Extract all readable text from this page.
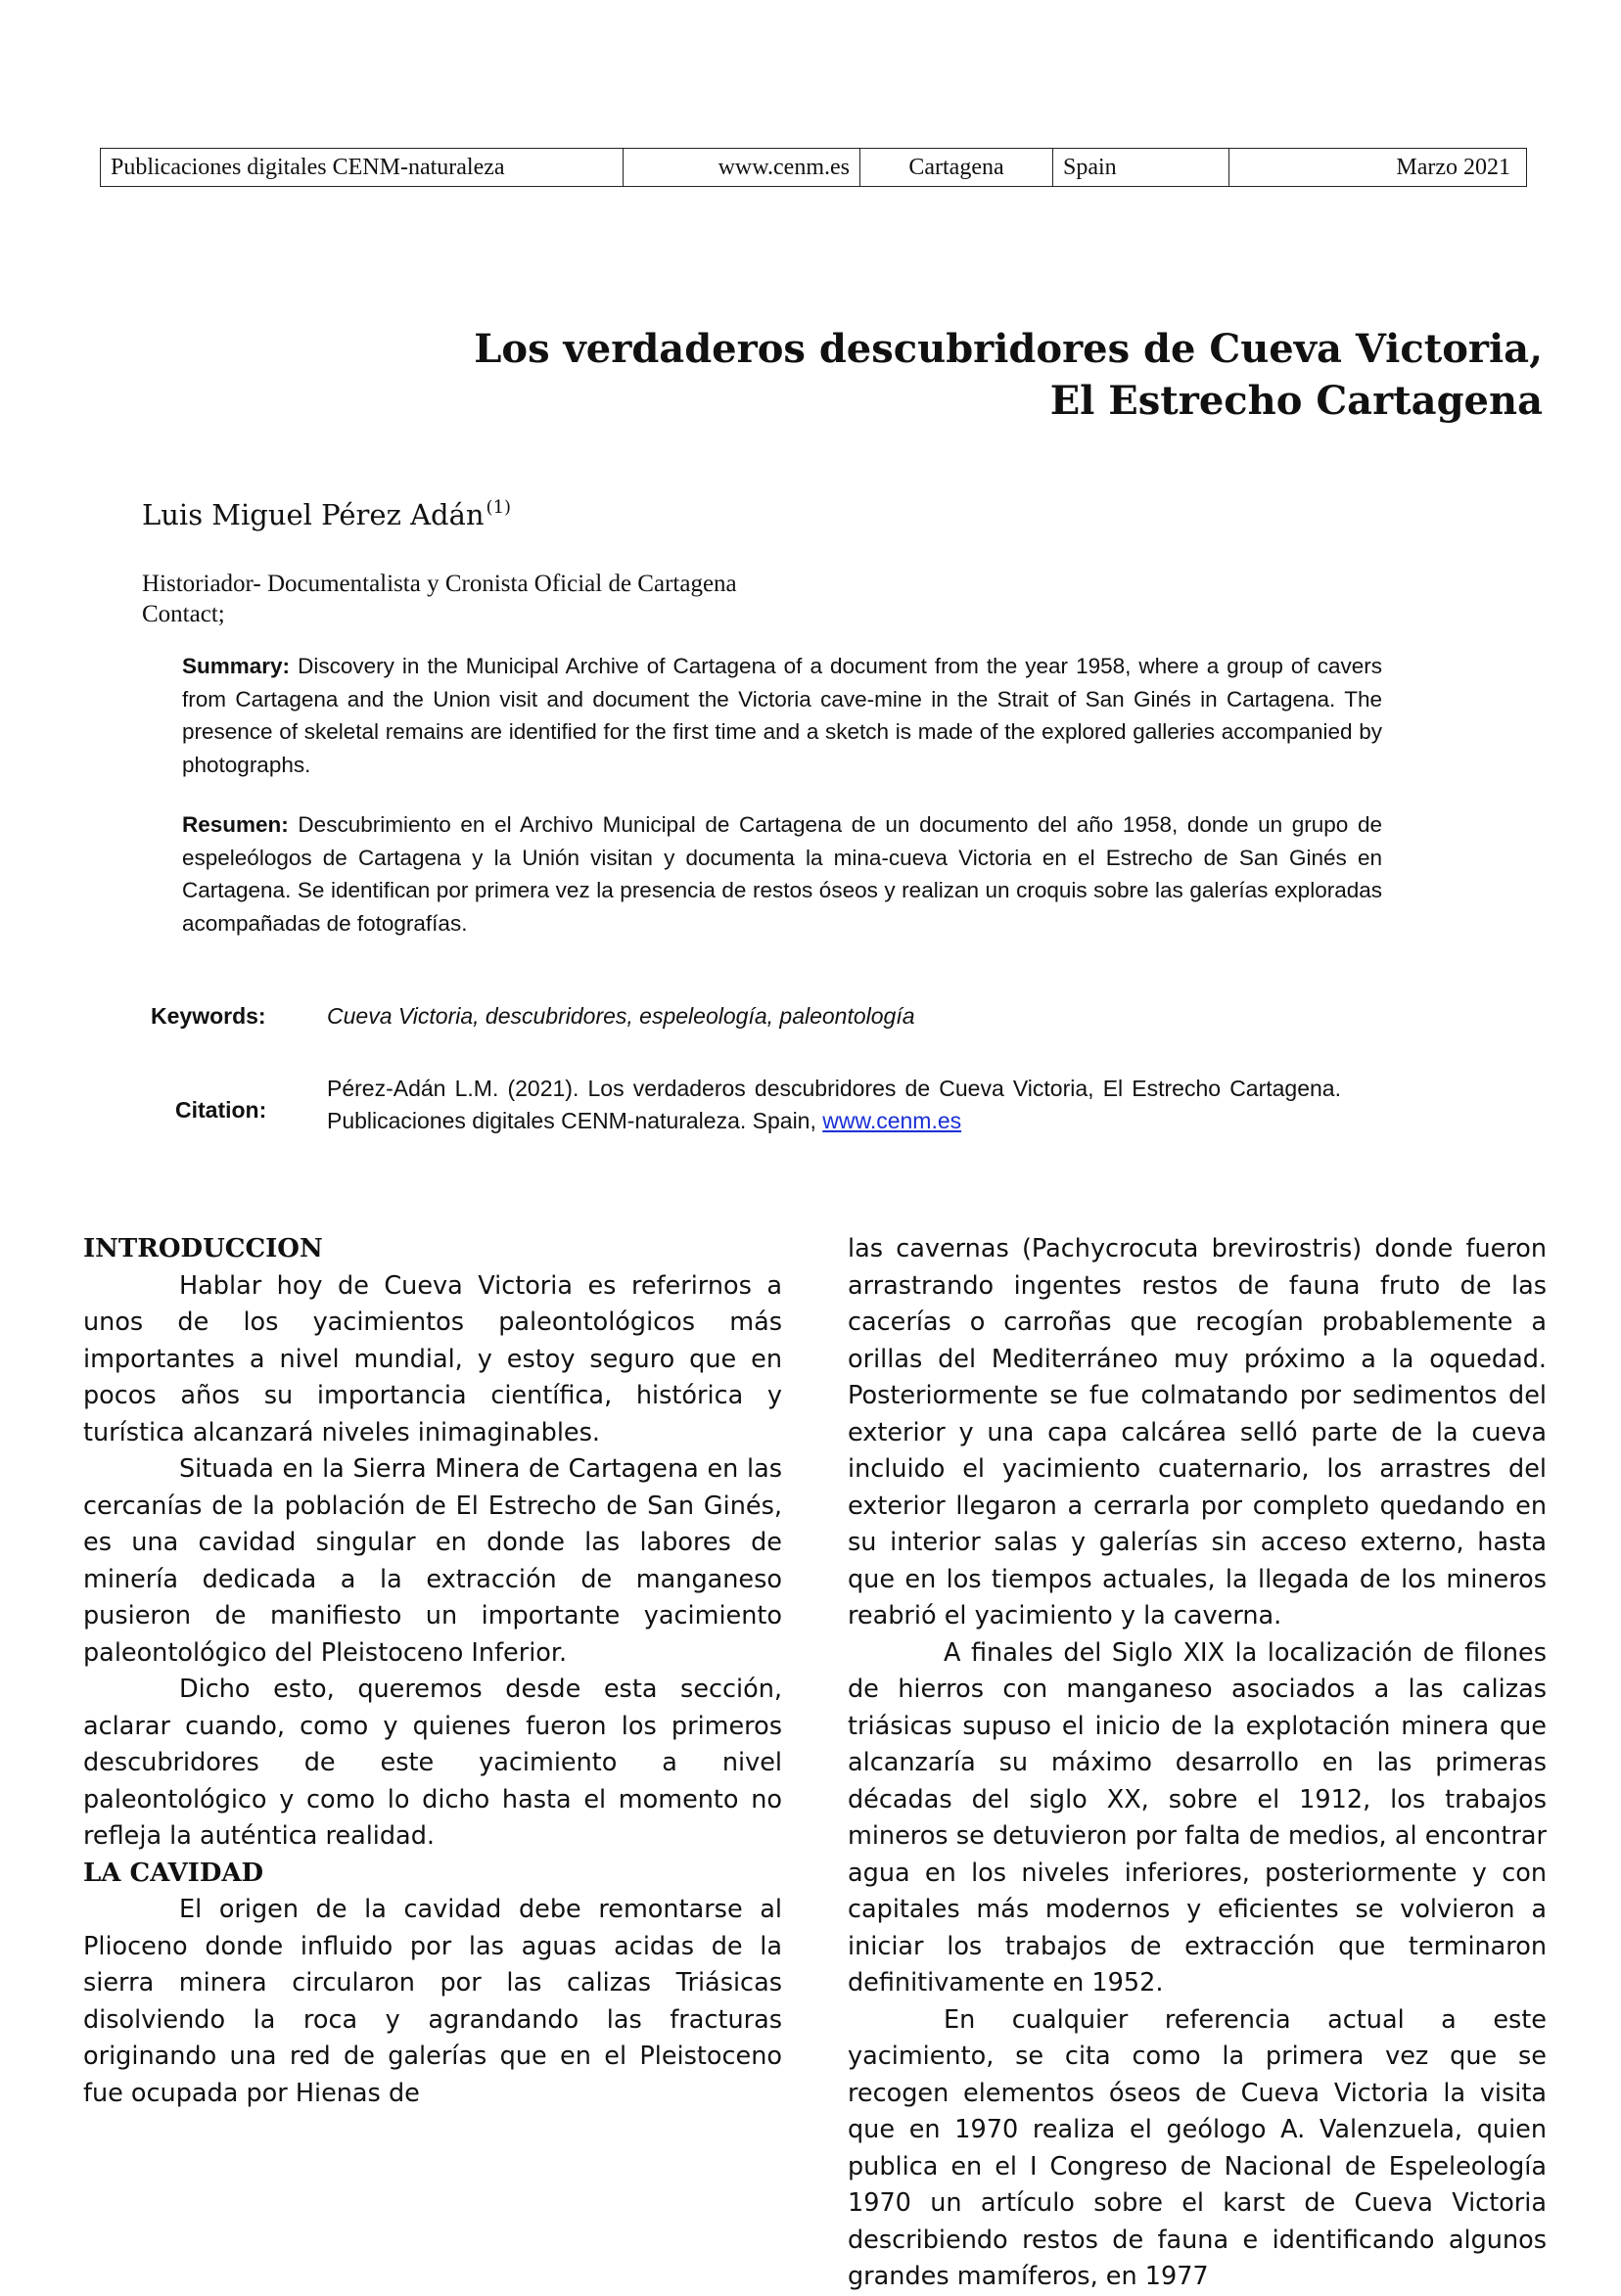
Publicaciones digitales CENM-naturaleza	www.cenm.es	Cartagena	Spain	Marzo 2021
Los verdaderos descubridores de Cueva Victoria,
El Estrecho Cartagena
Luis Miguel Pérez Adán $^{(1)}$
Historiador- Documentalista y Cronista Oficial de Cartagena
Contact;
Summary: Discovery in the Municipal Archive of Cartagena of a document from the year 1958, where a group of cavers from Cartagena and the Union visit and document the Victoria cave-mine in the Strait of San Ginés in Cartagena. The presence of skeletal remains are identified for the first time and a sketch is made of the explored galleries accompanied by photographs.
Resumen: Descubrimiento en el Archivo Municipal de Cartagena de un documento del año 1958, donde un grupo de espeleólogos de Cartagena y la Unión visitan y documenta la mina-cueva Victoria en el Estrecho de San Ginés en Cartagena. Se identifican por primera vez la presencia de restos óseos y realizan un croquis sobre las galerías exploradas acompañadas de fotografías.
Keywords:	Cueva Victoria, descubridores, espeleología, paleontología
Citation:
Pérez-Adán L.M. (2021). Los verdaderos descubridores de Cueva Victoria, El Estrecho Cartagena. Publicaciones digitales CENM-naturaleza. Spain, www.cenm.es

INTRODUCCION

Hablar hoy de Cueva Victoria es referirnos a unos de los yacimientos paleontológicos más importantes a nivel mundial, y estoy seguro que en pocos años su importancia científica, histórica y turística alcanzará niveles inimaginables.

Situada en la Sierra Minera de Cartagena en las cercanías de la población de El Estrecho de San Ginés, es una cavidad singular en donde las labores de minería dedicada a la extracción de manganeso pusieron de manifiesto un importante yacimiento paleontológico del Pleistoceno Inferior.

Dicho esto, queremos desde esta sección, aclarar cuando, como y quienes fueron los primeros descubridores de este yacimiento a nivel paleontológico y como lo dicho hasta el momento no refleja la auténtica realidad.

LA CAVIDAD

El origen de la cavidad debe remontarse al Plioceno donde influido por las aguas acidas de la sierra minera circularon por las calizas Triásicas disolviendo la roca y agrandando las fracturas originando una red de galerías que en el Pleistoceno fue ocupada por Hienas de

las cavernas (Pachycrocuta brevirostris) donde fueron arrastrando ingentes restos de fauna fruto de las cacerías o carroñas que recogían probablemente a orillas del Mediterráneo muy próximo a la oquedad. Posteriormente se fue colmatando por sedimentos del exterior y una capa calcárea selló parte de la cueva incluido el yacimiento cuaternario, los arrastres del exterior llegaron a cerrarla por completo quedando en su interior salas y galerías sin acceso externo, hasta que en los tiempos actuales, la llegada de los mineros reabrió el yacimiento y la caverna.

A finales del Siglo XIX la localización de filones de hierros con manganeso asociados a las calizas triásicas supuso el inicio de la explotación minera que alcanzaría su máximo desarrollo en las primeras décadas del siglo XX, sobre el 1912, los trabajos mineros se detuvieron por falta de medios, al encontrar agua en los niveles inferiores, posteriormente y con capitales más modernos y eficientes se volvieron a iniciar los trabajos de extracción que terminaron definitivamente en 1952.

En cualquier referencia actual a este yacimiento, se cita como la primera vez que se recogen elementos óseos de Cueva Victoria la visita que en 1970 realiza el geólogo A. Valenzuela, quien publica en el I Congreso de Nacional de Espeleología 1970 un artículo sobre el karst de Cueva Victoria describiendo restos de fauna e identificando algunos grandes mamíferos, en 1977
